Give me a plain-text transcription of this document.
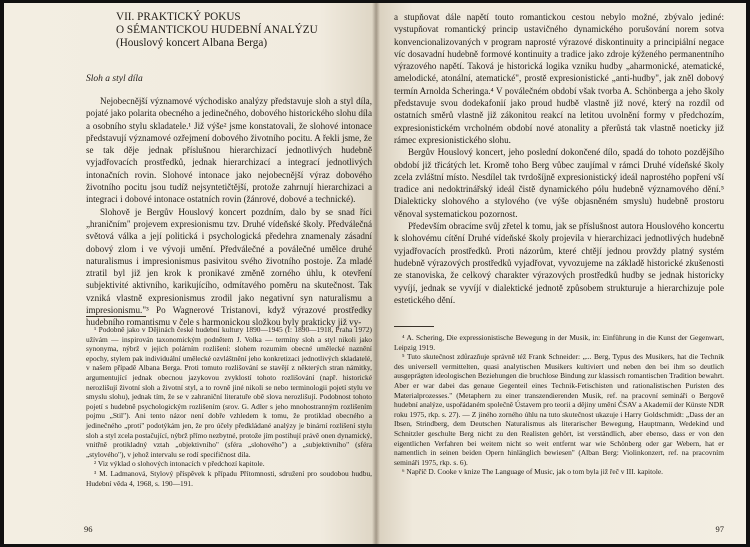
VII. PRAKTICKÝ POKUS
O SÉMANTICKOU HUDEBNÍ ANALÝZU
(Houslový koncert Albana Berga)
Sloh a styl díla

Nejobecnější významové východisko analýzy představuje sloh a styl díla, pojaté jako polarita obecného a jedinečného, dobového historického slohu díla a osobního stylu skladatele.¹ Již výše² jsme konstatovali, že slohové intonace představují významové ozřejmení dobového životního pocitu. A řekli jsme, že se tak děje jednak příslušnou hierarchizací jednotlivých hudebně vyjadřovacích prostředků, jednak hierarchizací a integrací jednotlivých intonačních rovin. Slohové intonace jako nejobecnější výraz dobového životního pocitu jsou tudíž nejsyntetičtější, protože zahrnují hierarchizaci a integraci i dobové intonace ostatních rovin (žánrové, dobové a technické).

Slohově je Bergův Houslový koncert pozdním, dalo by se snad říci „hraničním" projevem expresionismu tzv. Druhé vídeňské školy. Předválečná světová válka a její politická i psychologická předehra znamenaly zásadní dobový zlom i ve vývoji umění. Předválečné a poválečné umělce druhé naturalismus i impresionismus pasivitou svého životního postoje. Za mladé ztratil byl již jen krok k pronikavé změně zorného úhlu, k otevření subjektivité aktivního, karikujícího, odmítavého poměru na skutečnost. Tak vzniká vlastně expresionismus zrodil jako negativní syn naturalismu a impresionismu."³ Po Wagnerové Tristanovi, když výrazové prostředky hudebního romantismu v čele s harmonickou složkou byly prakticky již vy-

¹ Podobně jako v Dějinách české hudební kultury 1890—1945 (I: 1890—1918, Praha 1972) užívám — inspirován taxonomickým podnětem J. Volka — termíny sloh a styl nikoli jako synonyma, nýbrž v jejich polárním rozlišení: slohem rozumím obecné umělecké naznění epochy, stylem pak individuální umělecké ozvláštnění jeho konkretizaci jednotlivých skladatelé, v našem případě Albana Berga. Proti tomuto rozlišování se stavějí z některých stran námitky, argumentující jednak obecnou jazykovou zvyklostí tohoto rozlišování (např. historické nerozlišují životní sloh a životní styl, a to rovně jiné nikoli se nebo terminologii pojetí stylu ve smyslu slohu), jednak tím, že se v zahraniční literatuře obě slova nerozlišují. Podobnost tohoto pojetí s hudebně psychologickým rozlišením (srov. G. Adler s jeho mnohostranným rozlišením pojmu „Stil"). Ani tento názor není dobře vzhledem k tomu, že protiklad obecného a jedinečného „proti" podotýkám jen, že pro účely předkládané analýzy je binární rozlišení stylu sloh a styl zcela postačující, nýbrž přímo nezbytné, protože jím postihují právě onen dynamický, vnitřně protikladný vztah „objektivního" (sféra „slohového") a „subjektivního" (sféra „stylového"), v jehož intervalu se rodí specifičnost díla.

² Viz výklad o slohových intonacích v předchozí kapitole.

³ M. Ladmanová, Stylový příspěvek k případu Přítomnosti, sdružení pro soudobou hudbu, Hudební věda 4, 1968, s. 190—191.

96

a stupňovat dále napětí touto romantickou cestou nebylo možné, zbývalo jediné: vystupňovat romantický princip ustavičného dynamického porušování norem sotva konvencionalizovaných v program naprosté výrazové diskontinuity a principiální negace víc dosavadní hudebně formové kontinuity a tradice jako zdroje kýženého permanentního výrazového napětí. Taková je historická logika vzniku hudby „aharmonické, atematické, amelodické, atonální, atematické", prostě expresionistické „anti-hudby", jak zněl dobový termín Arnolda Scheringa.⁴ V poválečném období však tvorba A. Schönberga a jeho školy představuje svou dodekafonií jako proud hudbě vlastně již nové, který na rozdíl od ostatních směrů vlastně již zákonitou reakcí na letitou uvolnění formy v předchozím, expresionistickém vrcholném období nové atonality a přerůstá tak vlastně noeticky již rámec expresionistického slohu.

Bergův Houslový koncert, jeho poslední dokončené dílo, spadá do tohoto pozdějšího období již třicátých let. Kromě toho Berg vůbec zaujímal v rámci Druhé vídeňské školy zcela zvláštní místo. Nesdílel tak tvrdošíjně expresionistický ideál naprostého popření vší tradice ani nedoktrinářský ideál čistě dynamického pólu hudebně významového dění.⁵ Dialekticky slohového a stylového (ve výše objasněném smyslu) hudebně prostoru věnoval systematickou pozornost.

Především obracíme svůj zřetel k tomu, jak se příslušnost autora Houslového koncertu k slohovému cítění Druhé vídeňské školy projevila v hierarchizaci jednotlivých hudebně vyjadřovacích prostředků. Proti názorům, které chtějí jednou provždy platný systém hudebně výrazových prostředků vyjadřovat, vyvozujeme na základě historické zkušenosti ze stanoviska, že celkový charakter výrazových prostředků hudby se jednak historicky vyvíjí, jednak se vyvíjí v dialektické jednotě způsobem strukturuje a hierarchizuje pole estetického dění.

⁴ A. Schering, Die expressionistische Bewegung in der Musik, in: Einführung in die Kunst der Gegenwart, Leipzig 1919.

⁵ Tuto skutečnost zdůrazňuje správně též Frank Schneider: „... Berg, Typus des Musikers, hat die Technik des universell vermittelten, quasi analytischen Musikers kultiviert und neben den bei ihm so deutlich ausgeprägten ideologischen Beziehungen die bruchlose Bindung zur klassisch romantischen Tradition bewahrt. Aber er war dabei das genaue Gegenteil eines Technik-Fetischisten und rationalistischen Puristen des Materialprozesses." (Metaphern zu einer transzendierenden Musik, ref. na pracovní semináři o Bergově hudební analýze, uspořádaném společně Ústavem pro teorii a dějiny umění ČSAV a Akademií der Künste NDR roku 1975, rkp. s. 27). — Z jiného zorného úhlu na tuto skutečnost ukazuje i Harry Goldschmidt: „Dass der an Ibsen, Strindberg, dem Deutschen Naturalismus als literarischer Bewegung, Hauptmann, Wedekind und Schnitzler geschulte Berg nicht zu den Realisten gehört, ist verständlich, aber ebenso, dass er von den eigentlichen Verfahren bei weitem nicht so weit entfernt war wie Schönberg oder gar Webern, hat er namentlich in seinen beiden Opern hinlänglich bewiesen" (Alban Berg: Violinkonzert, ref. na pracovním semináři 1975, rkp. s. 6).

⁶ Napříč D. Cooke v knize The Language of Music, jak o tom byla již řeč v III. kapitole.

97
